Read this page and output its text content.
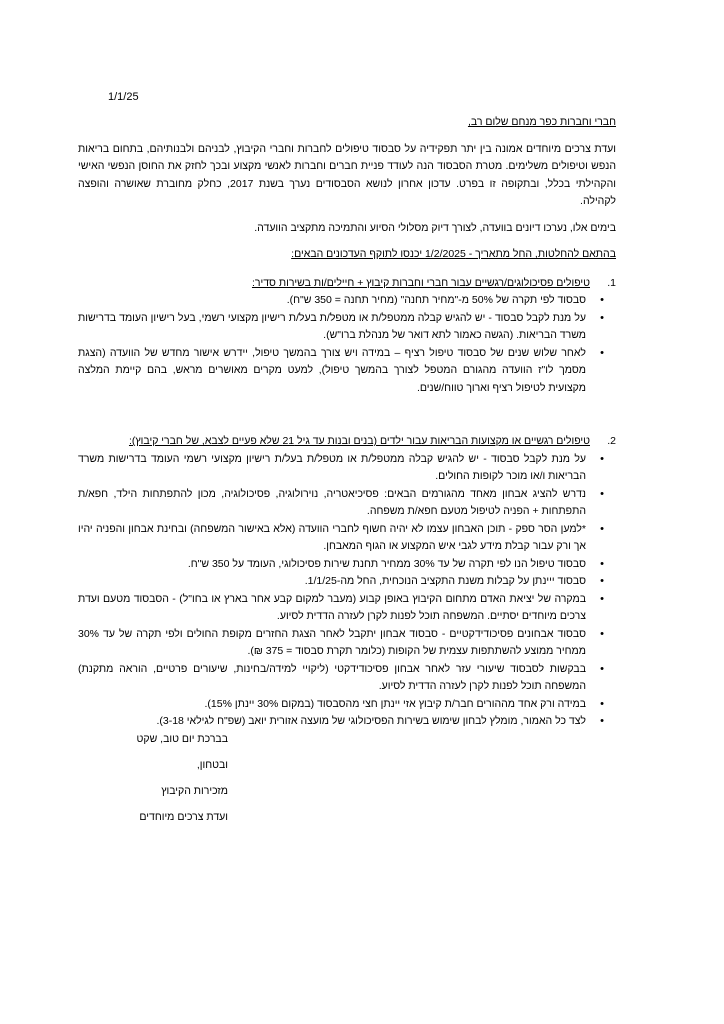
1/1/25

חברי וחברות כפר מנחם שלום רב,

ועדת צרכים מיוחדים אמונה בין יתר תפקידיה על סבסוד טיפולים לחברות וחברי הקיבוץ, לבניהם ולבנותיהם, בתחום בריאות הנפש וטיפולים משלימים. מטרת הסבסוד הנה לעודד פניית חברים וחברות לאנשי מקצוע ובכך לחזק את החוסן הנפשי האישי והקהילתי בכלל, ובתקופה זו בפרט. עדכון אחרון לנושא הסבסודים נערך בשנת 2017, כחלק מחוברת שאושרה והופצה לקהילה.

בימים אלו, נערכו דיונים בוועדה, לצורך דיוק מסלולי הסיוע והתמיכה מתקציב הוועדה.

בהתאם להחלטות, החל מתאריך - 1/2/2025 יכנסו לתוקף העדכונים הבאים:

1.
טיפולים פסיכולוגים/רגשיים עבור חברי וחברות קיבוץ + חיילים/ות בשירות סדיר:
• סבסוד לפי תקרה של 50% מ-"מחיר תחנה" (מחיר תחנה = 350 ש"ח).
• על מנת לקבל סבסוד - יש להגיש קבלה ממטפל/ת או מטפל/ת בעל/ת רישיון מקצועי רשמי, בעל רישיון העומד בדרישות משרד הבריאות. (הגשה כאמור לתא דואר של מנהלת ברו"ש).
• לאחר שלוש שנים של סבסוד טיפול רציף – במידה ויש צורך בהמשך טיפול, יידרש אישור מחדש של הוועדה (הצגת מסמך לו"ז הוועדה מהגורם המטפל לצורך בהמשך טיפול), למעט מקרים מאושרים מראש, בהם קיימת המלצה מקצועית לטיפול רציף וארוך טווח/שנים.
2.
טיפולים רגשיים או מקצועות הבריאות עבור ילדים (בנים ובנות עד גיל 21 שלא פעיים לצבא, של חברי קיבוץ):
• על מנת לקבל סבסוד - יש להגיש קבלה ממטפל/ת או מטפל/ת בעל/ת רישיון מקצועי רשמי העומד בדרישות משרד הבריאות ו/או מוכר לקופות החולים.
• נדרש להציג אבחון מאחד מהגורמים הבאים: פסיכיאטריה, נוירולוגיה, פסיכולוגיה, מכון להתפתחות הילד, חפא/ת התפתחות + הפניה לטיפול מטעם חפא/ת משפחה.
• *למען הסר ספק - תוכן האבחון עצמו לא יהיה חשוף לחברי הוועדה (אלא באישור המשפחה) ובחינת אבחון והפניה יהיו אך ורק עבור קבלת מידע לגבי איש המקצוע או הגוף המאבחן.
• סבסוד טיפול הנו לפי תקרה של עד 30% ממחיר תחנת שירות פסיכולוגי, העומד על 350 ש"ח.
• סבסוד ייינתן על קבלות משנת התקציב הנוכחית, החל מה-1/1/25.
• במקרה של יציאת האדם מתחום הקיבוץ באופן קבוע (מעבר למקום קבע אחר בארץ או בחו"ל) - הסבסוד מטעם ועדת צרכים מיוחדים יסתיים. המשפחה תוכל לפנות לקרן לעזרה הדדית לסיוע.
• סבסוד אבחונים פסיכודידקטיים - סבסוד אבחון יתקבל לאחר הצגת החזרים מקופת החולים ולפי תקרה של עד 30% ממחיר ממוצע להשתתפות עצמית של הקופות (כלומר תקרת סבסוד = 375 ₪).
• בבקשות לסבסוד שיעורי עזר לאחר אבחון פסיכודידקטי (ליקויי למידה/בחינות, שיעורים פרטיים, הוראה מתקנת) המשפחה תוכל לפנות לקרן לעזרה הדדית לסיוע.
• במידה ורק אחד מההורים חבר/ת קיבוץ אזי יינתן חצי מהסבסוד (במקום 30% יינתן 15%).
• לצד כל האמור, מומלץ לבחון שימוש בשירות הפסיכולוגי של מועצה אזורית יואב (שפ"ח לגילאי 3-18).
בברכת יום טוב, שקט ובטחון,
מזכירות הקיבוץ
ועדת צרכים מיוחדים
